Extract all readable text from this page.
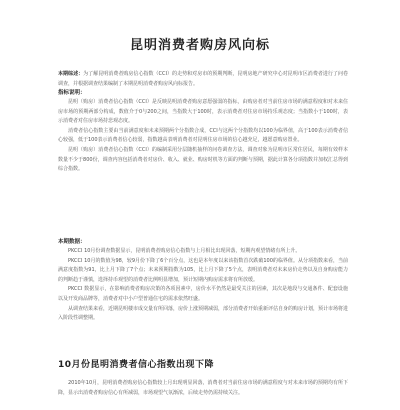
昆明消费者购房风向标

本期综述：为了解昆明消费者购房信心指数（CCI）的走势和对房市的预期判断，昆明房地产研究中心对昆明市区消费者进行了问卷调查，并根据调查结果编制了本期昆明消费者购房风向标报告。

指标说明：

昆明（购房）消费者信心指数（CCI）是反映昆明消费者购房意愿强弱的指标，由购房者对当前住房市场的满意程度和对未来住房市场的预期两部分构成，数值介于0与200之间，当指数大于100时，表示消费者对住房市场持乐观态度；当指数小于100时，表示消费者对住房市场持悲观态度。

消费者信心指数主要由当前满意度和未来预期两个分指数合成，CCI与这两个分指数均以100为临界值，高于100表示消费者信心较强，低于100表示消费者信心较弱，指数越高表明消费者对昆明住房市场的信心越充足，越愿意购房置业。

昆明（购房）消费者信心指数（CCI）的编制采用分层随机抽样的问卷调查方法，调查对象为昆明市区常住居民，每期有效样本数量不少于800份，调查内容包括消费者对房价、收入、就业、购房时机等方面的判断与预期，据此计算各分项指数并加权汇总得到综合指数。

本期数据：

PKCCI 10月份调查数据显示，昆明消费者购房信心指数与上月相比出现回落，短期内观望情绪有所上升。

PKCCI 10月的数值为98，较9月份下降了6个百分点，这也是本年度以来该指数首次跌破100的临界值。从分项指数来看，当前满意度指数为91，比上月下降了7个点；未来预期指数为105，比上月下降了5个点，表明消费者对未来房价走势以及自身购房能力的判断趋于谨慎，选择持币观望的消费者比例明显增加，预计短期内购房需求将有所放缓。

PKCCI 数据显示，在影响消费者购房决策的各项因素中，房价水平仍然是最受关注的因素，其次是地段与交通条件、配套设施以及开发商品牌等，消费者对中小户型普通住宅的需求依然旺盛。

从调查结果来看，近期昆明楼市成交量有所回落，房价上涨预期减弱，部分消费者开始重新评估自身的购房计划，预计市场将进入阶段性调整期。

10月份昆明消费者信心指数出现下降

2010年10月，昆明消费者购房信心指数较上月出现明显回落，消费者对当前住房市场的满意程度与对未来市场的预期均有所下降，显示出消费者购房信心有所减弱，市场观望气氛渐浓，后续走势仍需持续关注。
